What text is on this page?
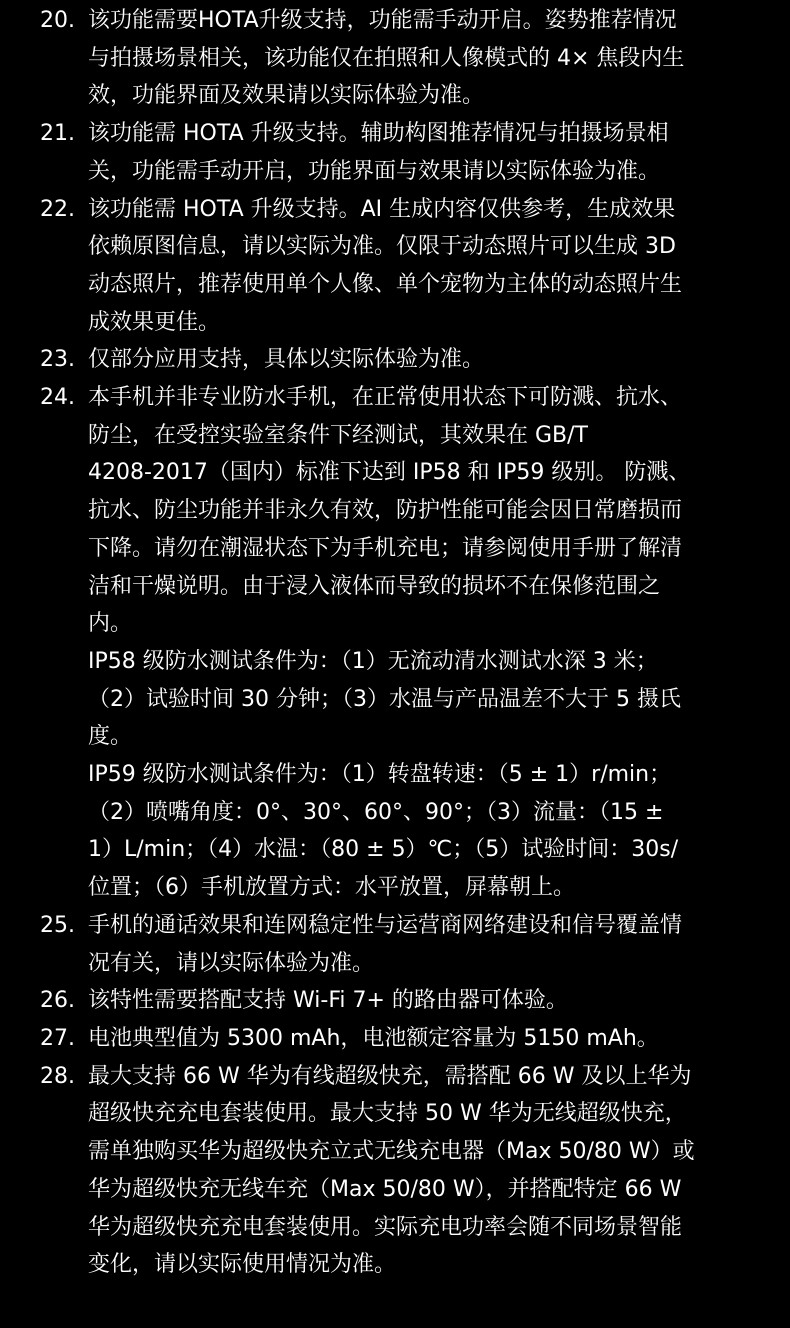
20. 该功能需要HOTA升级支持，功能需手动开启。姿势推荐情况
与拍摄场景相关，该功能仅在拍照和人像模式的 4× 焦段内生
效，功能界面及效果请以实际体验为准。
21. 该功能需 HOTA 升级支持。辅助构图推荐情况与拍摄场景相
关，功能需手动开启，功能界面与效果请以实际体验为准。
22. 该功能需 HOTA 升级支持。AI 生成内容仅供参考，生成效果
依赖原图信息，请以实际为准。仅限于动态照片可以生成 3D
动态照片，推荐使用单个人像、单个宠物为主体的动态照片生
成效果更佳。
23. 仅部分应用支持，具体以实际体验为准。
24. 本手机并非专业防水手机，在正常使用状态下可防溅、抗水、
防尘，在受控实验室条件下经测试，其效果在 GB/T
4208-2017（国内）标准下达到 IP58 和 IP59 级别。 防溅、
抗水、防尘功能并非永久有效，防护性能可能会因日常磨损而
下降。请勿在潮湿状态下为手机充电；请参阅使用手册了解清
洁和干燥说明。由于浸入液体而导致的损坏不在保修范围之
内。
IP58 级防水测试条件为：（1）无流动清水测试水深 3 米；
（2）试验时间 30 分钟；（3）水温与产品温差不大于 5 摄氏
度。
IP59 级防水测试条件为：（1）转盘转速：（5 ± 1）r/min；
（2）喷嘴角度：0°、30°、60°、90°；（3）流量：（15 ±
1）L/min；（4）水温：（80 ± 5）℃；（5）试验时间：30s/
位置；（6）手机放置方式：水平放置，屏幕朝上。
25. 手机的通话效果和连网稳定性与运营商网络建设和信号覆盖情
况有关，请以实际体验为准。
26. 该特性需要搭配支持 Wi-Fi 7+ 的路由器可体验。
27. 电池典型值为 5300 mAh，电池额定容量为 5150 mAh。
28. 最大支持 66 W 华为有线超级快充，需搭配 66 W 及以上华为
超级快充充电套装使用。最大支持 50 W 华为无线超级快充，
需单独购买华为超级快充立式无线充电器（Max 50/80 W）或
华为超级快充无线车充（Max 50/80 W），并搭配特定 66 W
华为超级快充充电套装使用。实际充电功率会随不同场景智能
变化，请以实际使用情况为准。
